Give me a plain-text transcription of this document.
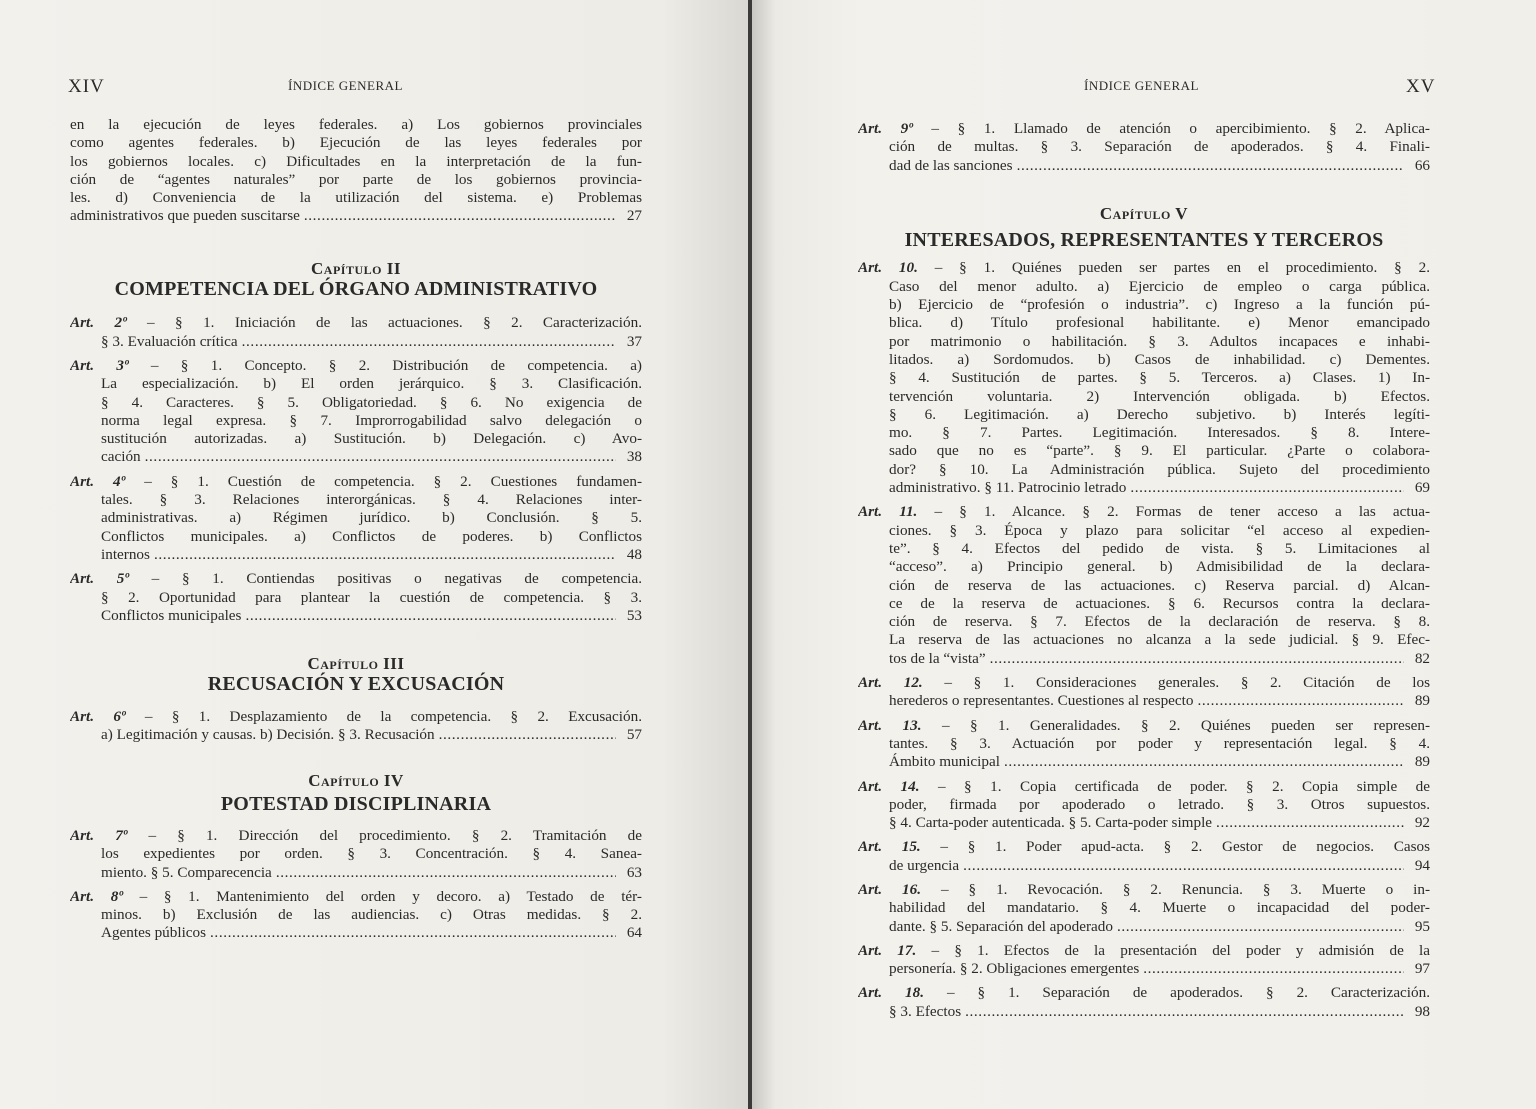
XIV	ÍNDICE GENERAL
en la ejecución de leyes federales. a) Los gobiernos provinciales
como agentes federales. b) Ejecución de las leyes federales por
los gobiernos locales. c) Dificultades en la interpretación de la fun-
ción de “agentes naturales” por parte de los gobiernos provincia-
les. d) Conveniencia de la utilización del sistema. e) Problemas
administrativos que pueden suscitarse . . .	27
Capítulo II
COMPETENCIA DEL ÓRGANO ADMINISTRATIVO
Art. 2º – § 1. Iniciación de las actuaciones. § 2. Caracterización.
§ 3. Evaluación crítica . . .	37
Art. 3º – § 1. Concepto. § 2. Distribución de competencia. a)
La especialización. b) El orden jerárquico. § 3. Clasificación.
§ 4. Caracteres. § 5. Obligatoriedad. § 6. No exigencia de
norma legal expresa. § 7. Improrrogabilidad salvo delegación o
sustitución autorizadas. a) Sustitución. b) Delegación. c) Avo-
cación . . .	38
Art. 4º – § 1. Cuestión de competencia. § 2. Cuestiones fundamen-
tales. § 3. Relaciones interorgánicas. § 4. Relaciones inter-
administrativas. a) Régimen jurídico. b) Conclusión. § 5.
Conflictos municipales. a) Conflictos de poderes. b) Conflictos
internos . . .	48
Art. 5º – § 1. Contiendas positivas o negativas de competencia.
§ 2. Oportunidad para plantear la cuestión de competencia. § 3.
Conflictos municipales . . .	53
Capítulo III
RECUSACIÓN Y EXCUSACIÓN
Art. 6º – § 1. Desplazamiento de la competencia. § 2. Excusación.
a) Legitimación y causas. b) Decisión. § 3. Recusación . . .	57
Capítulo IV
POTESTAD DISCIPLINARIA
Art. 7º – § 1. Dirección del procedimiento. § 2. Tramitación de
los expedientes por orden. § 3. Concentración. § 4. Sanea-
miento. § 5. Comparecencia . . .	63
Art. 8º – § 1. Mantenimiento del orden y decoro. a) Testado de tér-
minos. b) Exclusión de las audiencias. c) Otras medidas. § 2.
Agentes públicos . . .	64
ÍNDICE GENERAL	XV
Art. 9º – § 1. Llamado de atención o apercibimiento. § 2. Aplica-
ción de multas. § 3. Separación de apoderados. § 4. Finali-
dad de las sanciones . . .	66
Capítulo V
INTERESADOS, REPRESENTANTES Y TERCEROS
Art. 10. – § 1. Quiénes pueden ser partes en el procedimiento. § 2.
Caso del menor adulto. a) Ejercicio de empleo o carga pública.
b) Ejercicio de “profesión o industria”. c) Ingreso a la función pú-
blica. d) Título profesional habilitante. e) Menor emancipado
por matrimonio o habilitación. § 3. Adultos incapaces e inhabi-
litados. a) Sordomudos. b) Casos de inhabilidad. c) Dementes.
§ 4. Sustitución de partes. § 5. Terceros. a) Clases. 1) In-
tervención voluntaria. 2) Intervención obligada. b) Efectos.
§ 6. Legitimación. a) Derecho subjetivo. b) Interés legíti-
mo. § 7. Partes. Legitimación. Interesados. § 8. Intere-
sado que no es “parte”. § 9. El particular. ¿Parte o colabora-
dor? § 10. La Administración pública. Sujeto del procedimiento
administrativo. § 11. Patrocinio letrado . . .	69
Art. 11. – § 1. Alcance. § 2. Formas de tener acceso a las actua-
ciones. § 3. Época y plazo para solicitar “el acceso al expedien-
te”. § 4. Efectos del pedido de vista. § 5. Limitaciones al
“acceso”. a) Principio general. b) Admisibilidad de la declara-
ción de reserva de las actuaciones. c) Reserva parcial. d) Alcan-
ce de la reserva de actuaciones. § 6. Recursos contra la declara-
ción de reserva. § 7. Efectos de la declaración de reserva. § 8.
La reserva de las actuaciones no alcanza a la sede judicial. § 9. Efec-
tos de la “vista” . . .	82
Art. 12. – § 1. Consideraciones generales. § 2. Citación de los
herederos o representantes. Cuestiones al respecto . . .	89
Art. 13. – § 1. Generalidades. § 2. Quiénes pueden ser represen-
tantes. § 3. Actuación por poder y representación legal. § 4.
Ámbito municipal . . .	89
Art. 14. – § 1. Copia certificada de poder. § 2. Copia simple de
poder, firmada por apoderado o letrado. § 3. Otros supuestos.
§ 4. Carta-poder autenticada. § 5. Carta-poder simple . . .	92
Art. 15. – § 1. Poder apud-acta. § 2. Gestor de negocios. Casos
de urgencia . . .	94
Art. 16. – § 1. Revocación. § 2. Renuncia. § 3. Muerte o in-
habilidad del mandatario. § 4. Muerte o incapacidad del poder-
dante. § 5. Separación del apoderado . . .	95
Art. 17. – § 1. Efectos de la presentación del poder y admisión de la
personería. § 2. Obligaciones emergentes . . .	97
Art. 18. – § 1. Separación de apoderados. § 2. Caracterización.
§ 3. Efectos . . .	98
